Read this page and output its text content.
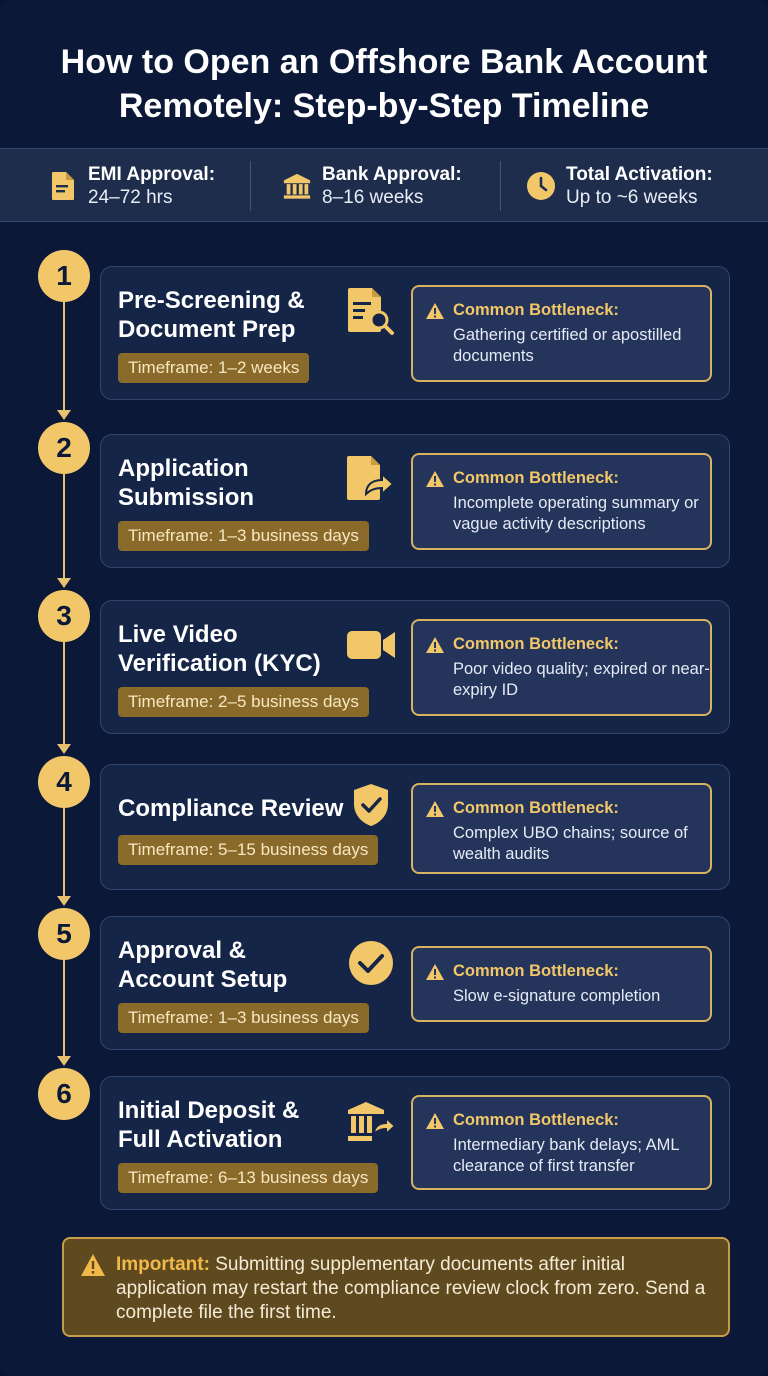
How to Open an Offshore Bank Account
Remotely: Step-by-Step Timeline
EMI Approval:
24–72 hrs
Bank Approval:
8–16 weeks
Total Activation:
Up to ~6 weeks
1
Pre-Screening &
Document Prep
Timeframe: 1–2 weeks
Common Bottleneck:
Gathering certified or apostilled documents
2
Application
Submission
Timeframe: 1–3 business days
Common Bottleneck:
Incomplete operating summary or vague activity descriptions
3
Live Video
Verification (KYC)
Timeframe: 2–5 business days
Common Bottleneck:
Poor video quality; expired or near-expiry ID
4
Compliance Review
Timeframe: 5–15 business days
Common Bottleneck:
Complex UBO chains; source of wealth audits
5
Approval &
Account Setup
Timeframe: 1–3 business days
Common Bottleneck:
Slow e-signature completion
6
Initial Deposit &
Full Activation
Timeframe: 6–13 business days
Common Bottleneck:
Intermediary bank delays; AML clearance of first transfer
Important: Submitting supplementary documents after initial application may restart the compliance review clock from zero. Send a complete file the first time.
